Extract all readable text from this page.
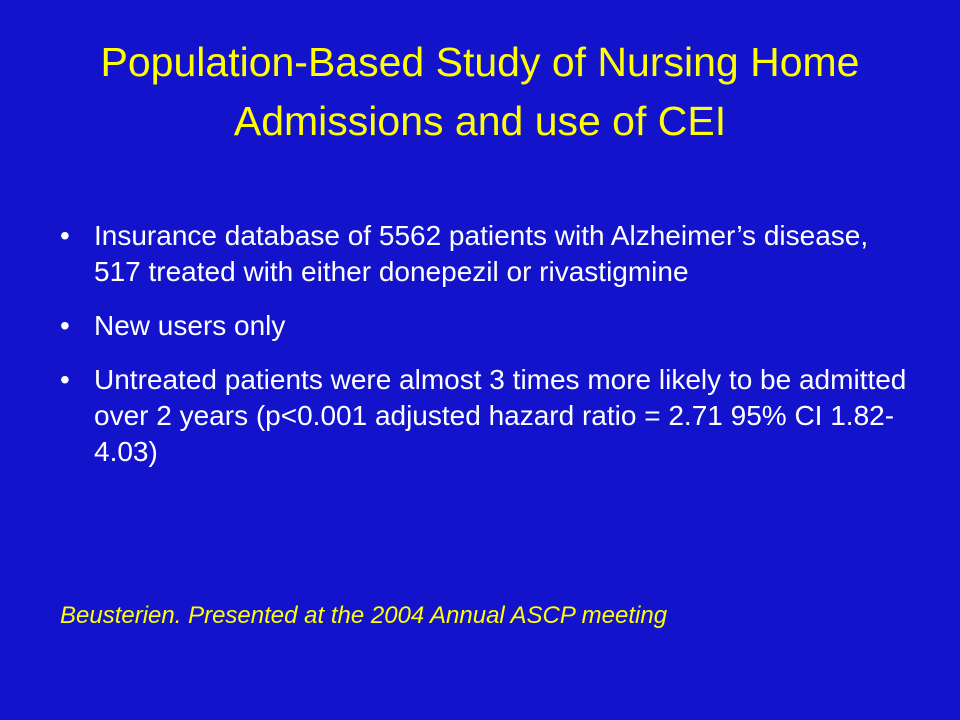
Population-Based Study of Nursing Home Admissions and use of CEI
• Insurance database of 5562 patients with Alzheimer’s disease, 517 treated with either donepezil or rivastigmine
• New users only
• Untreated patients were almost 3 times more likely to be admitted over 2 years (p<0.001 adjusted hazard ratio = 2.71 95% CI 1.82-4.03)

Beusterien. Presented at the 2004 Annual ASCP meeting
